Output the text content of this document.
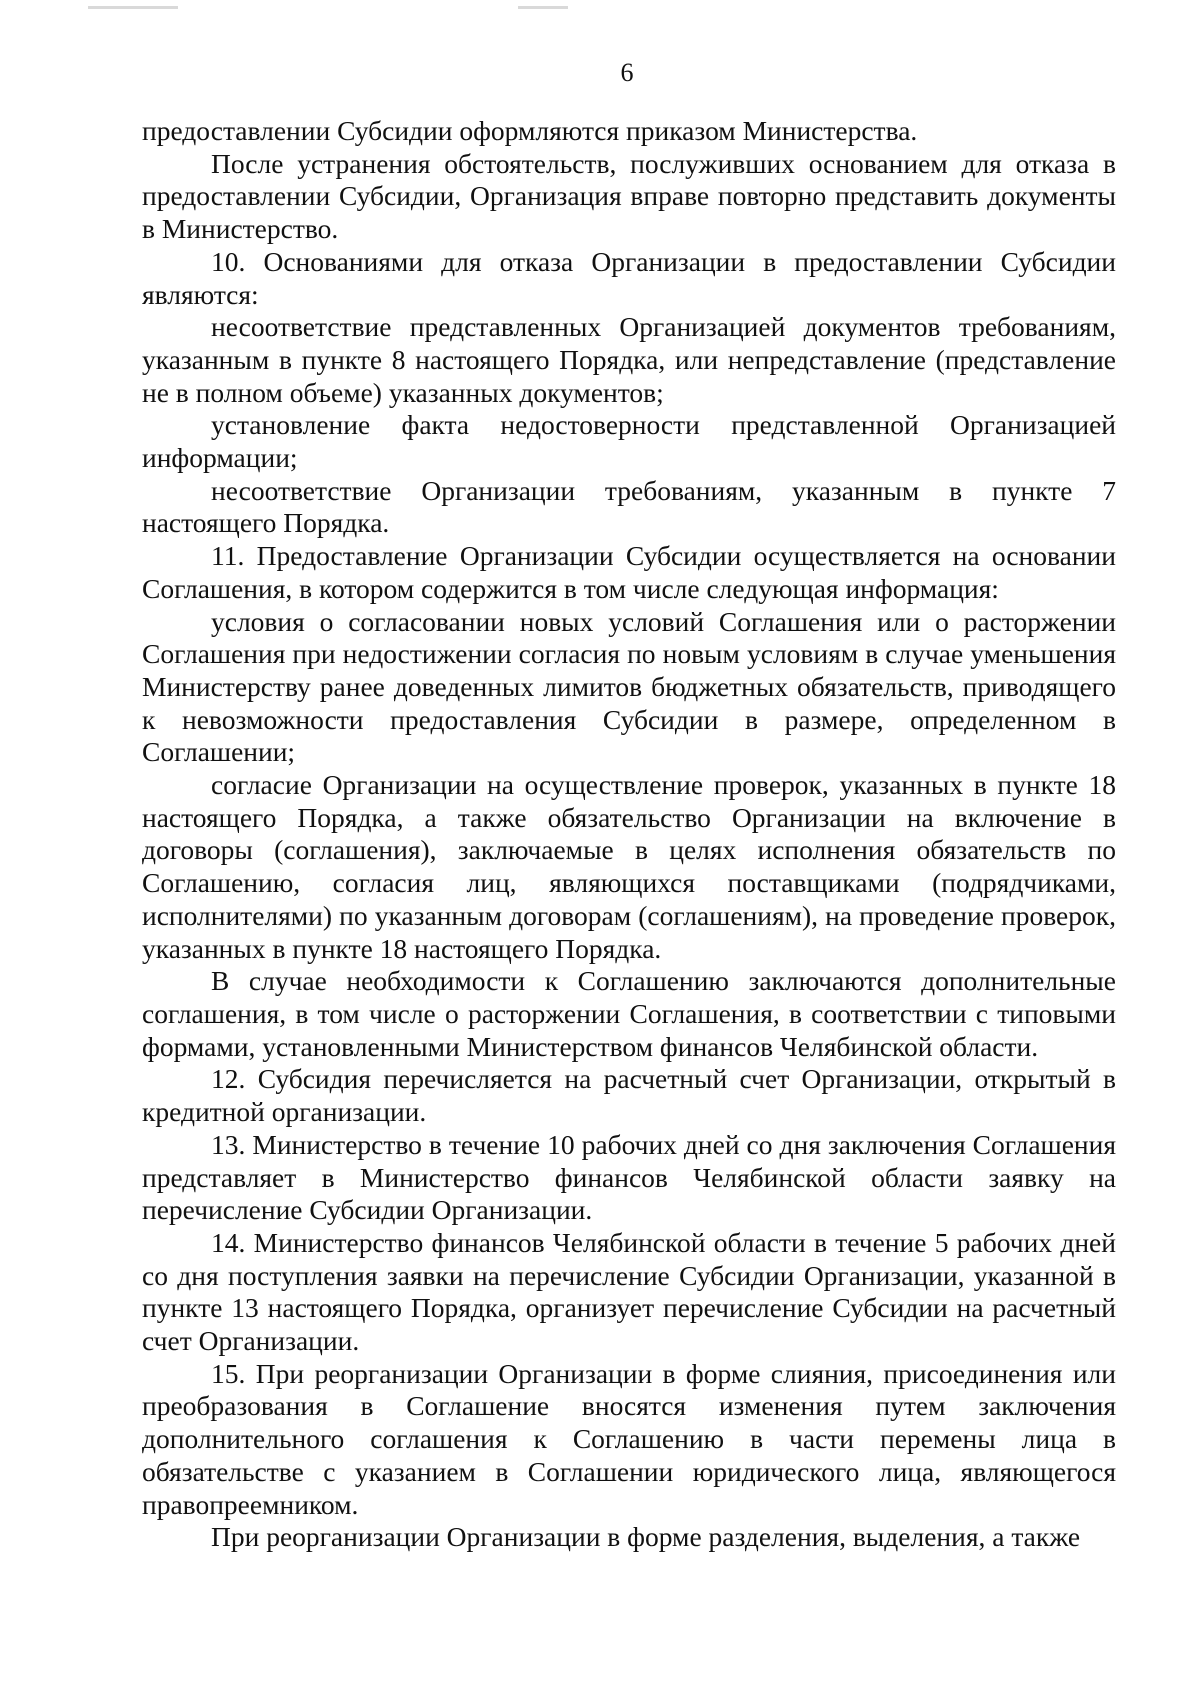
6

предоставлении Субсидии оформляются приказом Министерства.

После устранения обстоятельств, послуживших основанием для отказа в предоставлении Субсидии, Организация вправе повторно представить документы в Министерство.

10. Основаниями для отказа Организации в предоставлении Субсидии являются:

несоответствие представленных Организацией документов требованиям, указанным в пункте 8 настоящего Порядка, или непредставление (представление не в полном объеме) указанных документов;

установление факта недостоверности представленной Организацией информации;

несоответствие Организации требованиям, указанным в пункте 7 настоящего Порядка.

11. Предоставление Организации Субсидии осуществляется на основании Соглашения, в котором содержится в том числе следующая информация:

условия о согласовании новых условий Соглашения или о расторжении Соглашения при недостижении согласия по новым условиям в случае уменьшения Министерству ранее доведенных лимитов бюджетных обязательств, приводящего к невозможности предоставления Субсидии в размере, определенном в Соглашении;

согласие Организации на осуществление проверок, указанных в пункте 18 настоящего Порядка, а также обязательство Организации на включение в договоры (соглашения), заключаемые в целях исполнения обязательств по Соглашению, согласия лиц, являющихся поставщиками (подрядчиками, исполнителями) по указанным договорам (соглашениям), на проведение проверок, указанных в пункте 18 настоящего Порядка.

В случае необходимости к Соглашению заключаются дополнительные соглашения, в том числе о расторжении Соглашения, в соответствии с типовыми формами, установленными Министерством финансов Челябинской области.

12. Субсидия перечисляется на расчетный счет Организации, открытый в кредитной организации.

13. Министерство в течение 10 рабочих дней со дня заключения Соглашения представляет в Министерство финансов Челябинской области заявку на перечисление Субсидии Организации.

14. Министерство финансов Челябинской области в течение 5 рабочих дней со дня поступления заявки на перечисление Субсидии Организации, указанной в пункте 13 настоящего Порядка, организует перечисление Субсидии на расчетный счет Организации.

15. При реорганизации Организации в форме слияния, присоединения или преобразования в Соглашение вносятся изменения путем заключения дополнительного соглашения к Соглашению в части перемены лица в обязательстве с указанием в Соглашении юридического лица, являющегося правопреемником.

При реорганизации Организации в форме разделения, выделения, а также
